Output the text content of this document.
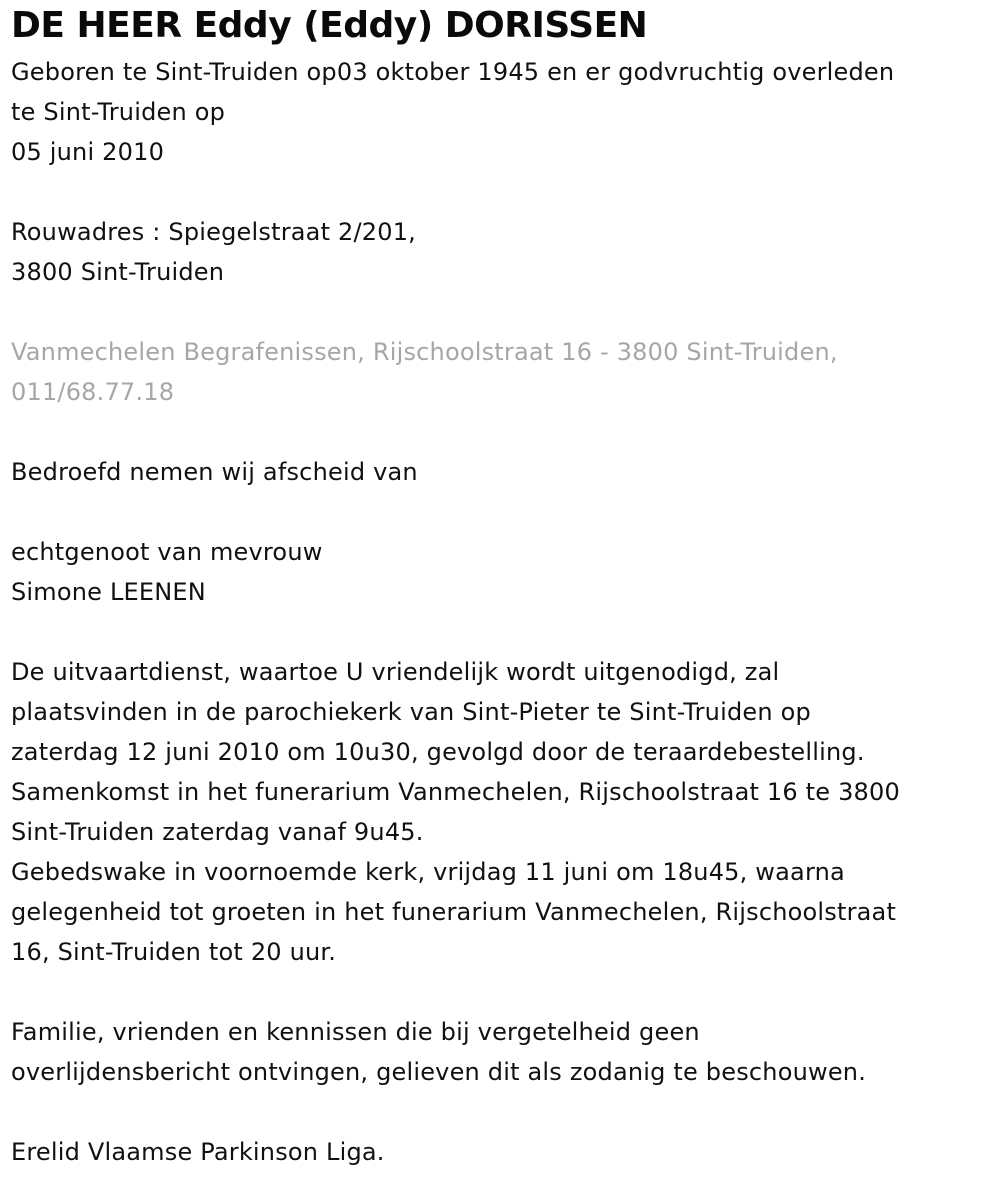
DE HEER Eddy (Eddy) DORISSEN
Geboren te Sint-Truiden op03 oktober 1945 en er godvruchtig overleden
te Sint-Truiden op
05 juni 2010
Rouwadres : Spiegelstraat 2/201,
3800 Sint-Truiden
Vanmechelen Begrafenissen, Rijschoolstraat 16 - 3800 Sint-Truiden,
011/68.77.18
Bedroefd nemen wij afscheid van
echtgenoot van mevrouw
Simone LEENEN
De uitvaartdienst, waartoe U vriendelijk wordt uitgenodigd, zal
plaatsvinden in de parochiekerk van Sint-Pieter te Sint-Truiden op
zaterdag 12 juni 2010 om 10u30, gevolgd door de teraardebestelling.
Samenkomst in het funerarium Vanmechelen, Rijschoolstraat 16 te 3800
Sint-Truiden zaterdag vanaf 9u45.
Gebedswake in voornoemde kerk, vrijdag 11 juni om 18u45, waarna
gelegenheid tot groeten in het funerarium Vanmechelen, Rijschoolstraat
16, Sint-Truiden tot 20 uur.
Familie, vrienden en kennissen die bij vergetelheid geen
overlijdensbericht ontvingen, gelieven dit als zodanig te beschouwen.
Erelid Vlaamse Parkinson Liga.
